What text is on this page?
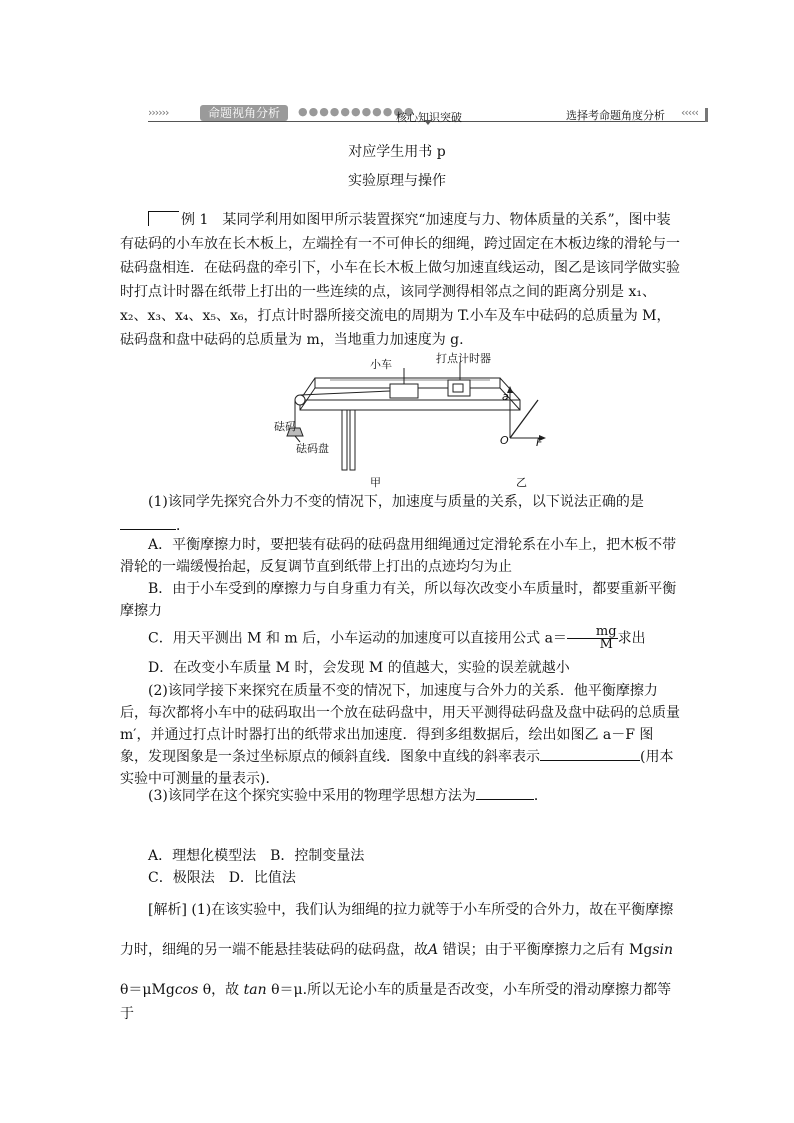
››››››	命题视角分析	●●●●●●●●●●●
核心知识突破	选择考命题角度分析 ‹‹‹‹‹
对应学生用书 p
实验原理与操作

例 1　 某同学利用如图甲所示装置探究“加速度与力、物体质量的关系”，图中装有砝码的小车放在长木板上，左端拴有一不可伸长的细绳，跨过固定在木板边缘的滑轮与一砝码盘相连．在砝码盘的牵引下，小车在长木板上做匀加速直线运动，图乙是该同学做实验时打点计时器在纸带上打出的一些连续的点，该同学测得相邻点之间的距离分别是 x₁、x₂、x₃、x₄、x₅、x₆，打点计时器所接交流电的周期为 T.小车及车中砝码的总质量为 M，砝码盘和盘中砝码的总质量为 m，当地重力加速度为 g.

小车	打点计时器
砝码
砝码盘
a
F
O
甲	乙

(1)该同学先探究合外力不变的情况下，加速度与质量的关系，以下说法正确的是．

A．平衡摩擦力时，要把装有砝码的砝码盘用细绳通过定滑轮系在小车上，把木板不带滑轮的一端缓慢抬起，反复调节直到纸带上打出的点迹均匀为止

B．由于小车受到的摩擦力与自身重力有关，所以每次改变小车质量时，都要重新平衡摩擦力

C．用天平测出 M 和 m 后，小车运动的加速度可以直接用公式 $a= \frac{mg}{M}$ 求出

D．在改变小车质量 M 时，会发现 M 的值越大，实验的误差就越小

(2)该同学接下来探究在质量不变的情况下，加速度与合外力的关系．他平衡摩擦力后，每次都将小车中的砝码取出一个放在砝码盘中，用天平测得砝码盘及盘中砝码的总质量 m′，并通过打点计时器打出的纸带求出加速度．得到多组数据后，绘出如图乙 a－F 图象，发现图象是一条过坐标原点的倾斜直线．图象中直线的斜率表示	(用本实验中可测量的量表示)．

(3)该同学在这个探究实验中采用的物理学思想方法为	．

A．理想化模型法　B．控制变量法

C．极限法　D．比值法

[解析] (1)在该实验中，我们认为细绳的拉力就等于小车所受的合外力，故在平衡摩擦

力时，细绳的另一端不能悬挂装砝码的砝码盘，故A 错误；由于平衡摩擦力之后有 Mgsin

θ＝μMgcos θ，故 tan θ＝μ.所以无论小车的质量是否改变，小车所受的滑动摩擦力都等于
